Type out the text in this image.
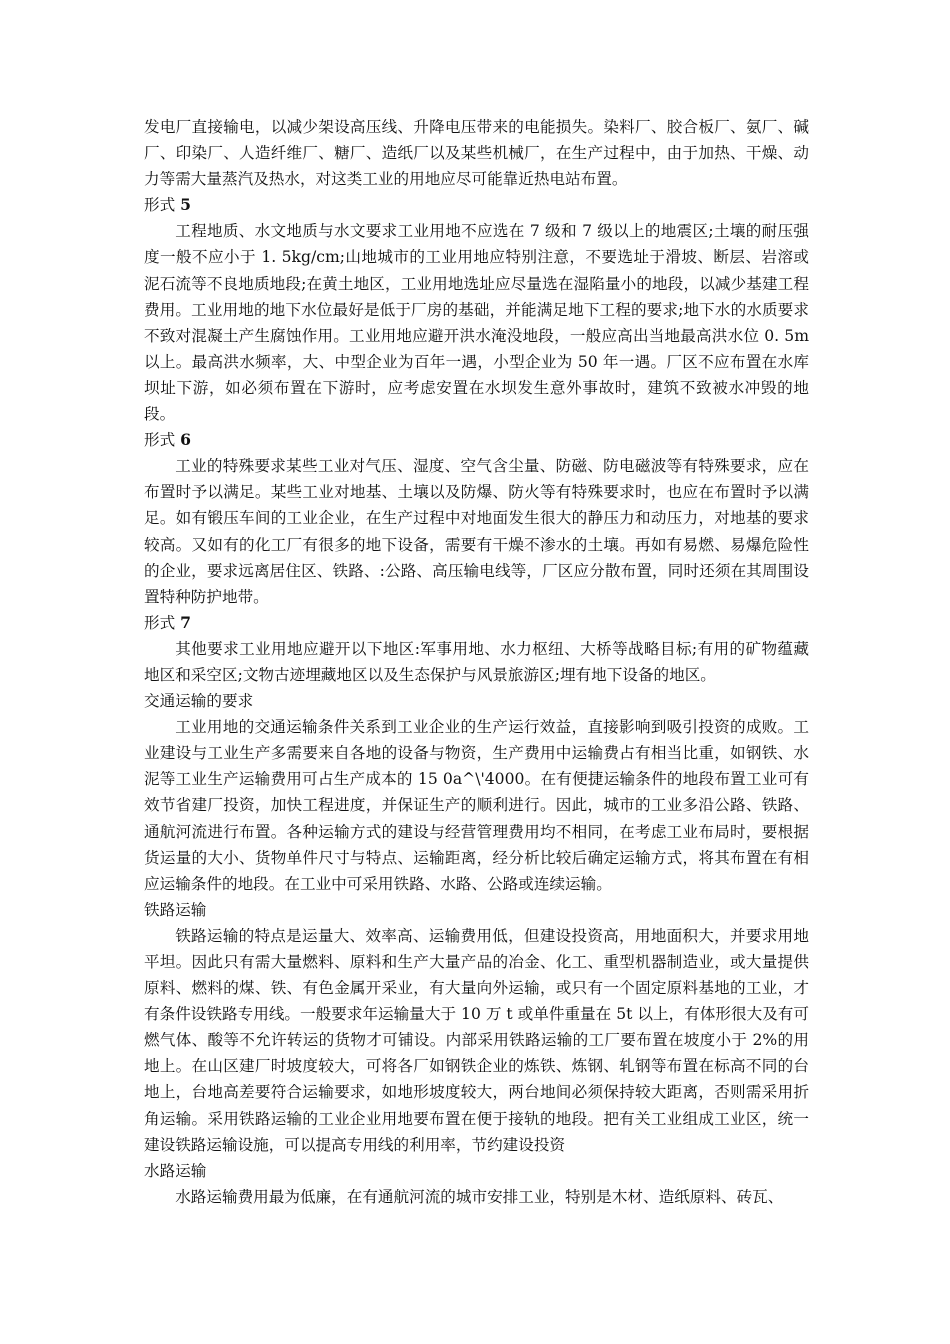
发电厂直接输电，以减少架设高压线、升降电压带来的电能损失。染料厂、胶合板厂、氨厂、碱厂、印染厂、人造纤维厂、糖厂、造纸厂以及某些机械厂，在生产过程中，由于加热、干燥、动力等需大量蒸汽及热水，对这类工业的用地应尽可能靠近热电站布置。

形式 5

工程地质、水文地质与水文要求工业用地不应选在 7 级和 7 级以上的地震区;土壤的耐压强度一般不应小于 1. 5kg/cm;山地城市的工业用地应特别注意，不要选址于滑坡、断层、岩溶或泥石流等不良地质地段;在黄土地区，工业用地选址应尽量选在湿陷量小的地段，以减少基建工程费用。工业用地的地下水位最好是低于厂房的基础，并能满足地下工程的要求;地下水的水质要求不致对混凝土产生腐蚀作用。工业用地应避开洪水淹没地段，一般应高出当地最高洪水位 0. 5m 以上。最高洪水频率，大、中型企业为百年一遇，小型企业为 50 年一遇。厂区不应布置在水库坝址下游，如必须布置在下游时，应考虑安置在水坝发生意外事故时，建筑不致被水冲毁的地段。

形式 6

工业的特殊要求某些工业对气压、湿度、空气含尘量、防磁、防电磁波等有特殊要求，应在布置时予以满足。某些工业对地基、土壤以及防爆、防火等有特殊要求时，也应在布置时予以满足。如有锻压车间的工业企业，在生产过程中对地面发生很大的静压力和动压力，对地基的要求较高。又如有的化工厂有很多的地下设备，需要有干燥不渗水的土壤。再如有易燃、易爆危险性的企业，要求远离居住区、铁路、:公路、高压输电线等，厂区应分散布置，同时还须在其周围设置特种防护地带。

形式 7

其他要求工业用地应避开以下地区:军事用地、水力枢纽、大桥等战略目标;有用的矿物蕴藏地区和采空区;文物古迹埋藏地区以及生态保护与风景旅游区;埋有地下设备的地区。

交通运输的要求

工业用地的交通运输条件关系到工业企业的生产运行效益，直接影响到吸引投资的成败。工业建设与工业生产多需要来自各地的设备与物资，生产费用中运输费占有相当比重，如钢铁、水泥等工业生产运输费用可占生产成本的 15 0a^\'4000。在有便捷运输条件的地段布置工业可有效节省建厂投资，加快工程进度，并保证生产的顺利进行。因此，城市的工业多沿公路、铁路、通航河流进行布置。各种运输方式的建设与经营管理费用均不相同，在考虑工业布局时，要根据货运量的大小、货物单件尺寸与特点、运输距离，经分析比较后确定运输方式，将其布置在有相应运输条件的地段。在工业中可采用铁路、水路、公路或连续运输。

铁路运输

铁路运输的特点是运量大、效率高、运输费用低，但建设投资高，用地面积大，并要求用地平坦。因此只有需大量燃料、原料和生产大量产品的冶金、化工、重型机器制造业，或大量提供原料、燃料的煤、铁、有色金属开采业，有大量向外运输，或只有一个固定原料基地的工业，才有条件设铁路专用线。一般要求年运输量大于 10 万 t 或单件重量在 5t 以上，有体形很大及有可燃气体、酸等不允许转运的货物才可铺设。内部采用铁路运输的工厂要布置在坡度小于 2%的用地上。在山区建厂时坡度较大，可将各厂如钢铁企业的炼铁、炼钢、轧钢等布置在标高不同的台地上，台地高差要符合运输要求，如地形坡度较大，两台地间必须保持较大距离，否则需采用折角运输。采用铁路运输的工业企业用地要布置在便于接轨的地段。把有关工业组成工业区，统一建设铁路运输设施，可以提高专用线的利用率，节约建设投资

水路运输

水路运输费用最为低廉，在有通航河流的城市安排工业，特别是木材、造纸原料、砖瓦、
